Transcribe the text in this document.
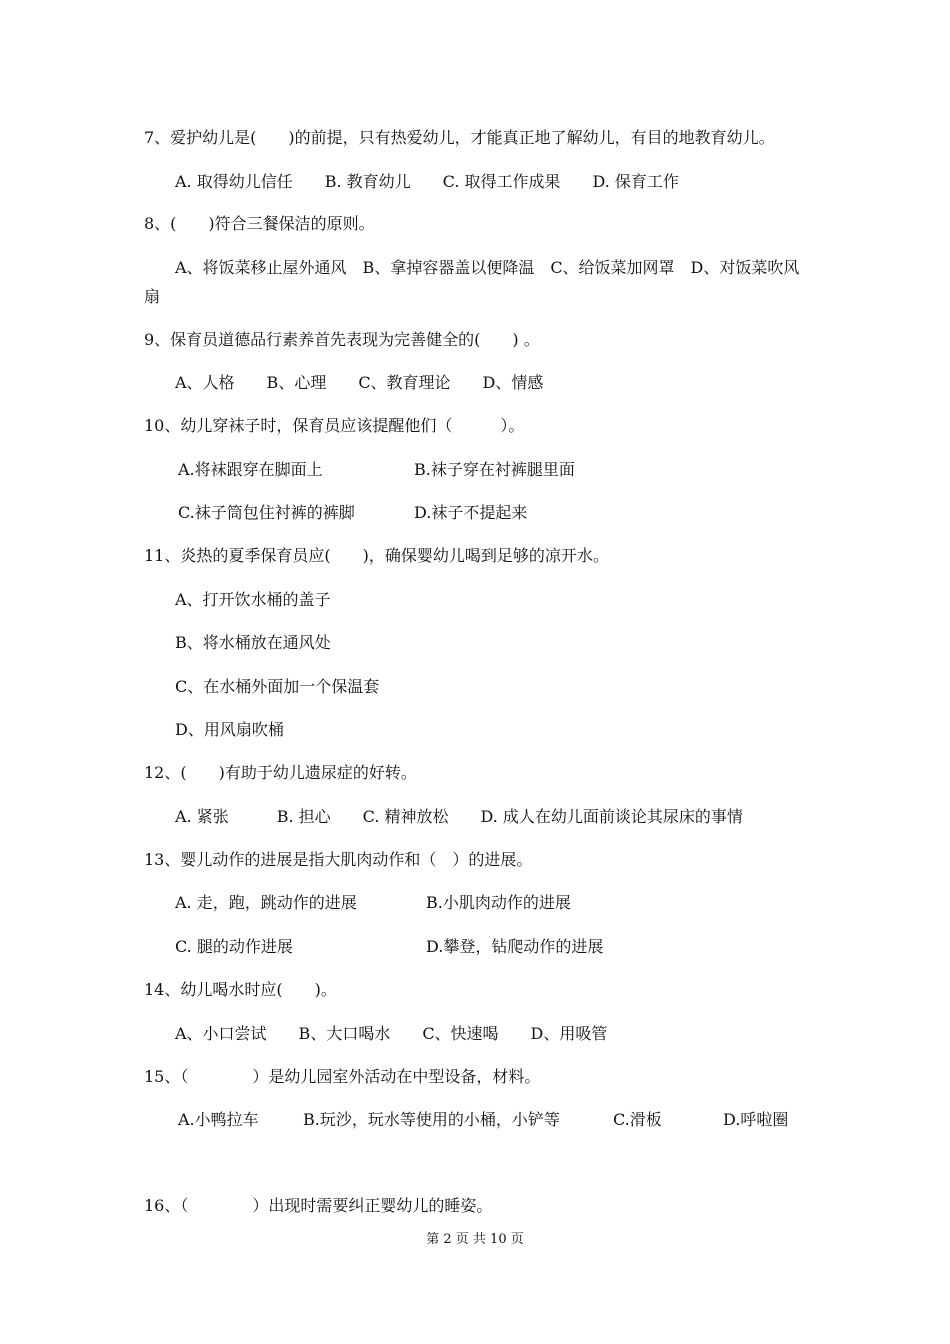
7、爱护幼儿是(　　)的前提，只有热爱幼儿，才能真正地了解幼儿，有目的地教育幼儿。
A. 取得幼儿信任　　B. 教育幼儿　　C. 取得工作成果　　D. 保育工作
8、(　　)符合三餐保洁的原则。
A、将饭菜移止屋外通风　B、拿掉容器盖以便降温　C、给饭菜加网罩　D、对饭菜吹风
扇
9、保育员道德品行素养首先表现为完善健全的(　　) 。
A、人格　　B、心理　　C、教育理论　　D、情感
10、幼儿穿袜子时，保育员应该提醒他们（　　　）。
A.将袜跟穿在脚面上	B.袜子穿在衬裤腿里面
C.袜子筒包住衬裤的裤脚	D.袜子不提起来
11、炎热的夏季保育员应(　　)，确保婴幼儿喝到足够的凉开水。
A、打开饮水桶的盖子
B、将水桶放在通风处
C、在水桶外面加一个保温套
D、用风扇吹桶
12、(　　)有助于幼儿遗尿症的好转。
A. 紧张　　　B. 担心　　C. 精神放松　　D. 成人在幼儿面前谈论其尿床的事情
13、婴儿动作的进展是指大肌肉动作和（　）的进展。
A. 走，跑，跳动作的进展	B.小肌肉动作的进展
C. 腿的动作进展	D.攀登，钻爬动作的进展
14、幼儿喝水时应(　　)。
A、小口尝试　　B、大口喝水　　C、快速喝　　D、用吸管
15、（　　　　）是幼儿园室外活动在中型设备，材料。
A.小鸭拉车	B.玩沙，玩水等使用的小桶，小铲等	C.滑板	D.呼啦圈
16、（　　　　）出现时需要纠正婴幼儿的睡姿。
第 2 页 共 10 页
